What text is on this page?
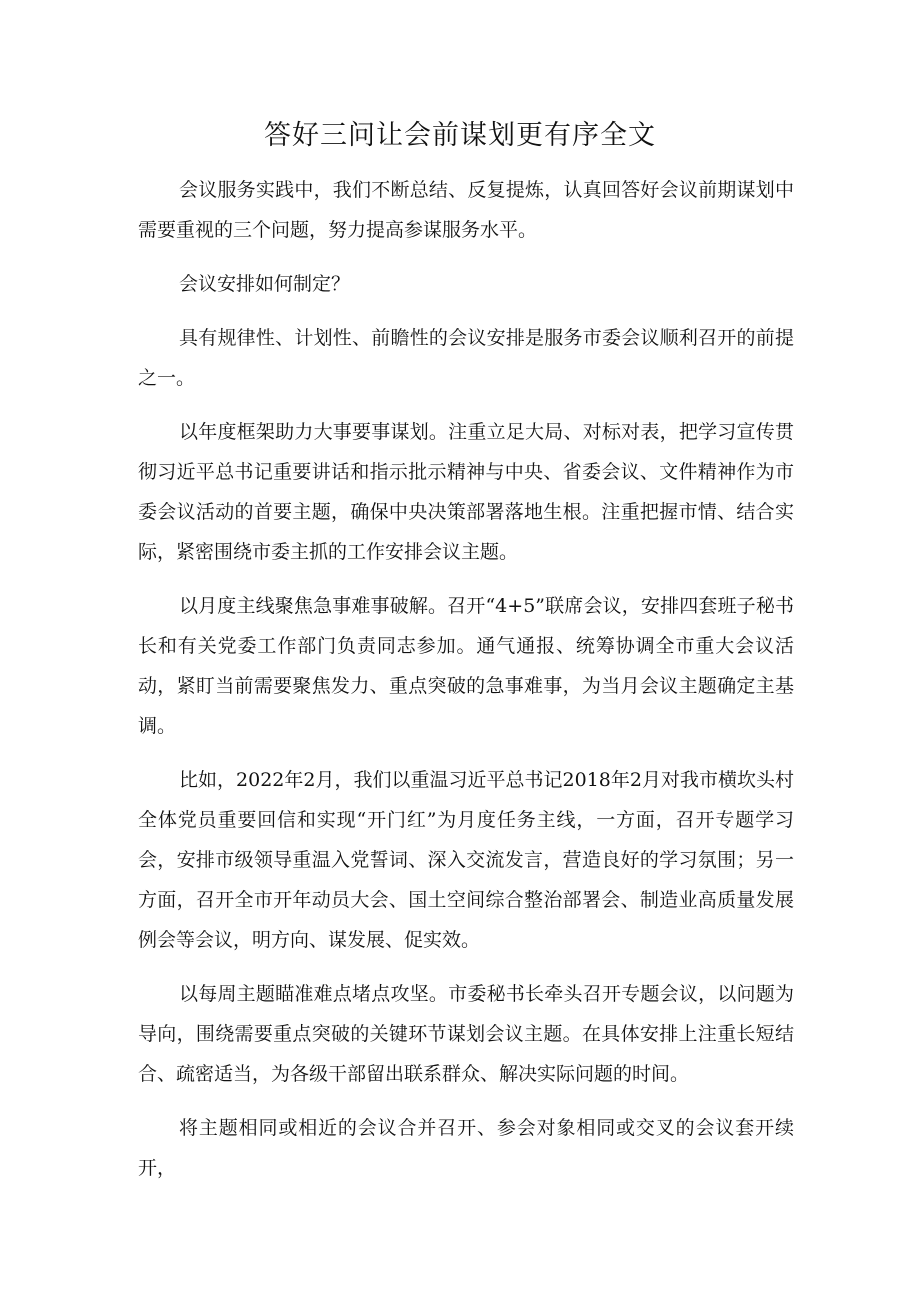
答好三问让会前谋划更有序全文

会议服务实践中，我们不断总结、反复提炼，认真回答好会议前期谋划中需要重视的三个问题，努力提高参谋服务水平。

会议安排如何制定？

具有规律性、计划性、前瞻性的会议安排是服务市委会议顺利召开的前提之一。

以年度框架助力大事要事谋划。注重立足大局、对标对表，把学习宣传贯彻习近平总书记重要讲话和指示批示精神与中央、省委会议、文件精神作为市委会议活动的首要主题，确保中央决策部署落地生根。注重把握市情、结合实际，紧密围绕市委主抓的工作安排会议主题。

以月度主线聚焦急事难事破解。召开“4+5”联席会议，安排四套班子秘书长和有关党委工作部门负责同志参加。通气通报、统筹协调全市重大会议活动，紧盯当前需要聚焦发力、重点突破的急事难事，为当月会议主题确定主基调。

比如，2022年2月，我们以重温习近平总书记2018年2月对我市横坎头村全体党员重要回信和实现“开门红”为月度任务主线，一方面，召开专题学习会，安排市级领导重温入党誓词、深入交流发言，营造良好的学习氛围；另一方面，召开全市开年动员大会、国土空间综合整治部署会、制造业高质量发展例会等会议，明方向、谋发展、促实效。

以每周主题瞄准难点堵点攻坚。市委秘书长牵头召开专题会议，以问题为导向，围绕需要重点突破的关键环节谋划会议主题。在具体安排上注重长短结合、疏密适当，为各级干部留出联系群众、解决实际问题的时间。

将主题相同或相近的会议合并召开、参会对象相同或交叉的会议套开续开，
